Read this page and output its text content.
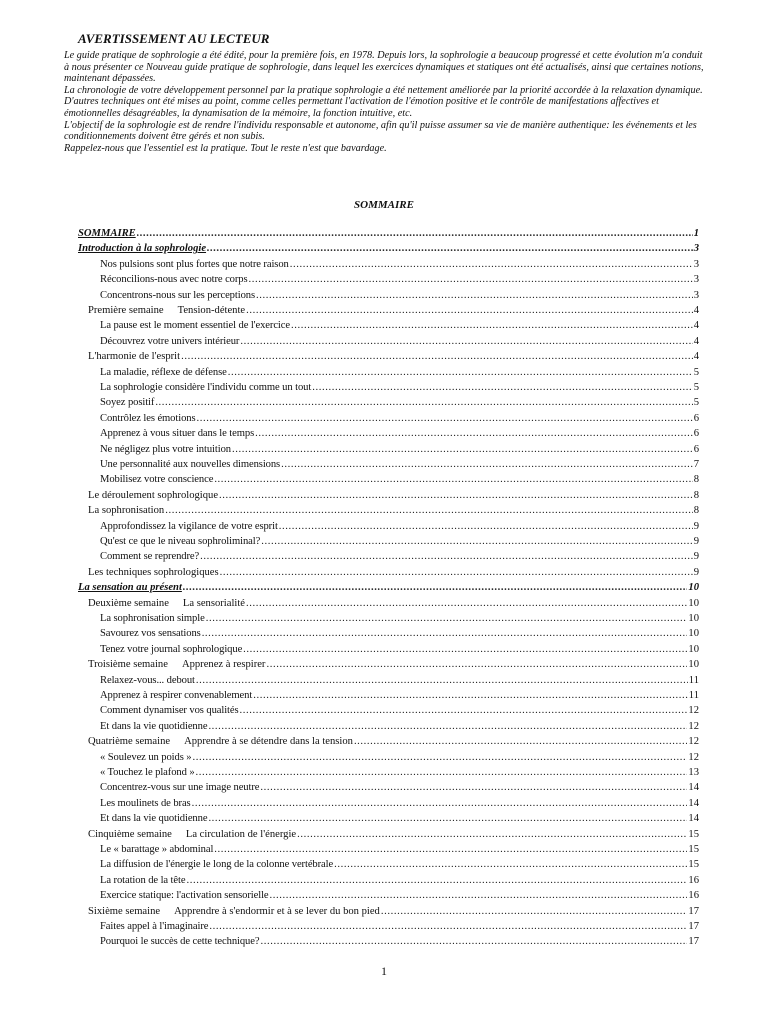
AVERTISSEMENT AU LECTEUR

Le guide pratique de sophrologie a été édité, pour la première fois, en 1978. Depuis lors, la sophrologie a beaucoup progressé et cette évolution m'a conduit à nous présenter ce Nouveau guide pratique de sophrologie, dans lequel les exercices dynamiques et statiques ont été actualisés, ainsi que certaines notions, maintenant dépassées.

La chronologie de votre développement personnel par la pratique sophrologie a été nettement améliorée par la priorité accordée à la relaxation dynamique. D'autres techniques ont été mises au point, comme celles permettant l'activation de l'émotion positive et le contrôle de manifestations affectives et émotionnelles désagréables, la dynamisation de la mémoire, la fonction intuitive, etc.

L'objectif de la sophrologie est de rendre l'individu responsable et autonome, afin qu'il puisse assumer sa vie de manière authentique: les événements et les conditionnements doivent être gérés et non subis.

Rappelez-nous que l'essentiel est la pratique. Tout le reste n'est que bavardage.

SOMMAIRE
SOMMAIRE .....	1
Introduction à la sophrologie .....	3
Nos pulsions sont plus fortes que notre raison .....	3
Réconcilions-nous avec notre corps .....	3
Concentrons-nous sur les perceptions .....	3
Première semaine Tension-détente .....	4
La pause est le moment essentiel de l'exercice .....	4
Découvrez votre univers intérieur .....	4
L'harmonie de l'esprit .....	4
La maladie, réflexe de défense .....	5
La sophrologie considère l'individu comme un tout .....	5
Soyez positif .....	5
Contrôlez les émotions .....	6
Apprenez à vous situer dans le temps .....	6
Ne négligez plus votre intuition .....	6
Une personnalité aux nouvelles dimensions .....	7
Mobilisez votre conscience .....	8
Le déroulement sophrologique .....	8
La sophronisation .....	8
Approfondissez la vigilance de votre esprit .....	9
Qu'est ce que le niveau sophroliminal? .....	9
Comment se reprendre? .....	9
Les techniques sophrologiques .....	9
La sensation au présent .....	10
Deuxième semaine La sensorialité .....	10
La sophronisation simple .....	10
Savourez vos sensations .....	10
Tenez votre journal sophrologique .....	10
Troisième semaine Apprenez à respirer .....	10
Relaxez-vous... debout .....	11
Apprenez à respirer convenablement .....	11
Comment dynamiser vos qualités .....	12
Et dans la vie quotidienne .....	12
Quatrième semaine Apprendre à se détendre dans la tension .....	12
« Soulevez un poids » .....	12
« Touchez le plafond » .....	13
Concentrez-vous sur une image neutre .....	14
Les moulinets de bras .....	14
Et dans la vie quotidienne .....	14
Cinquième semaine La circulation de l'énergie .....	15
Le « barattage » abdominal .....	15
La diffusion de l'énergie le long de la colonne vertébrale .....	15
La rotation de la tête .....	16
Exercice statique: l'activation sensorielle .....	16
Sixième semaine Apprendre à s'endormir et à se lever du bon pied .....	17
Faites appel à l'imaginaire .....	17
Pourquoi le succès de cette technique? .....	17
1
